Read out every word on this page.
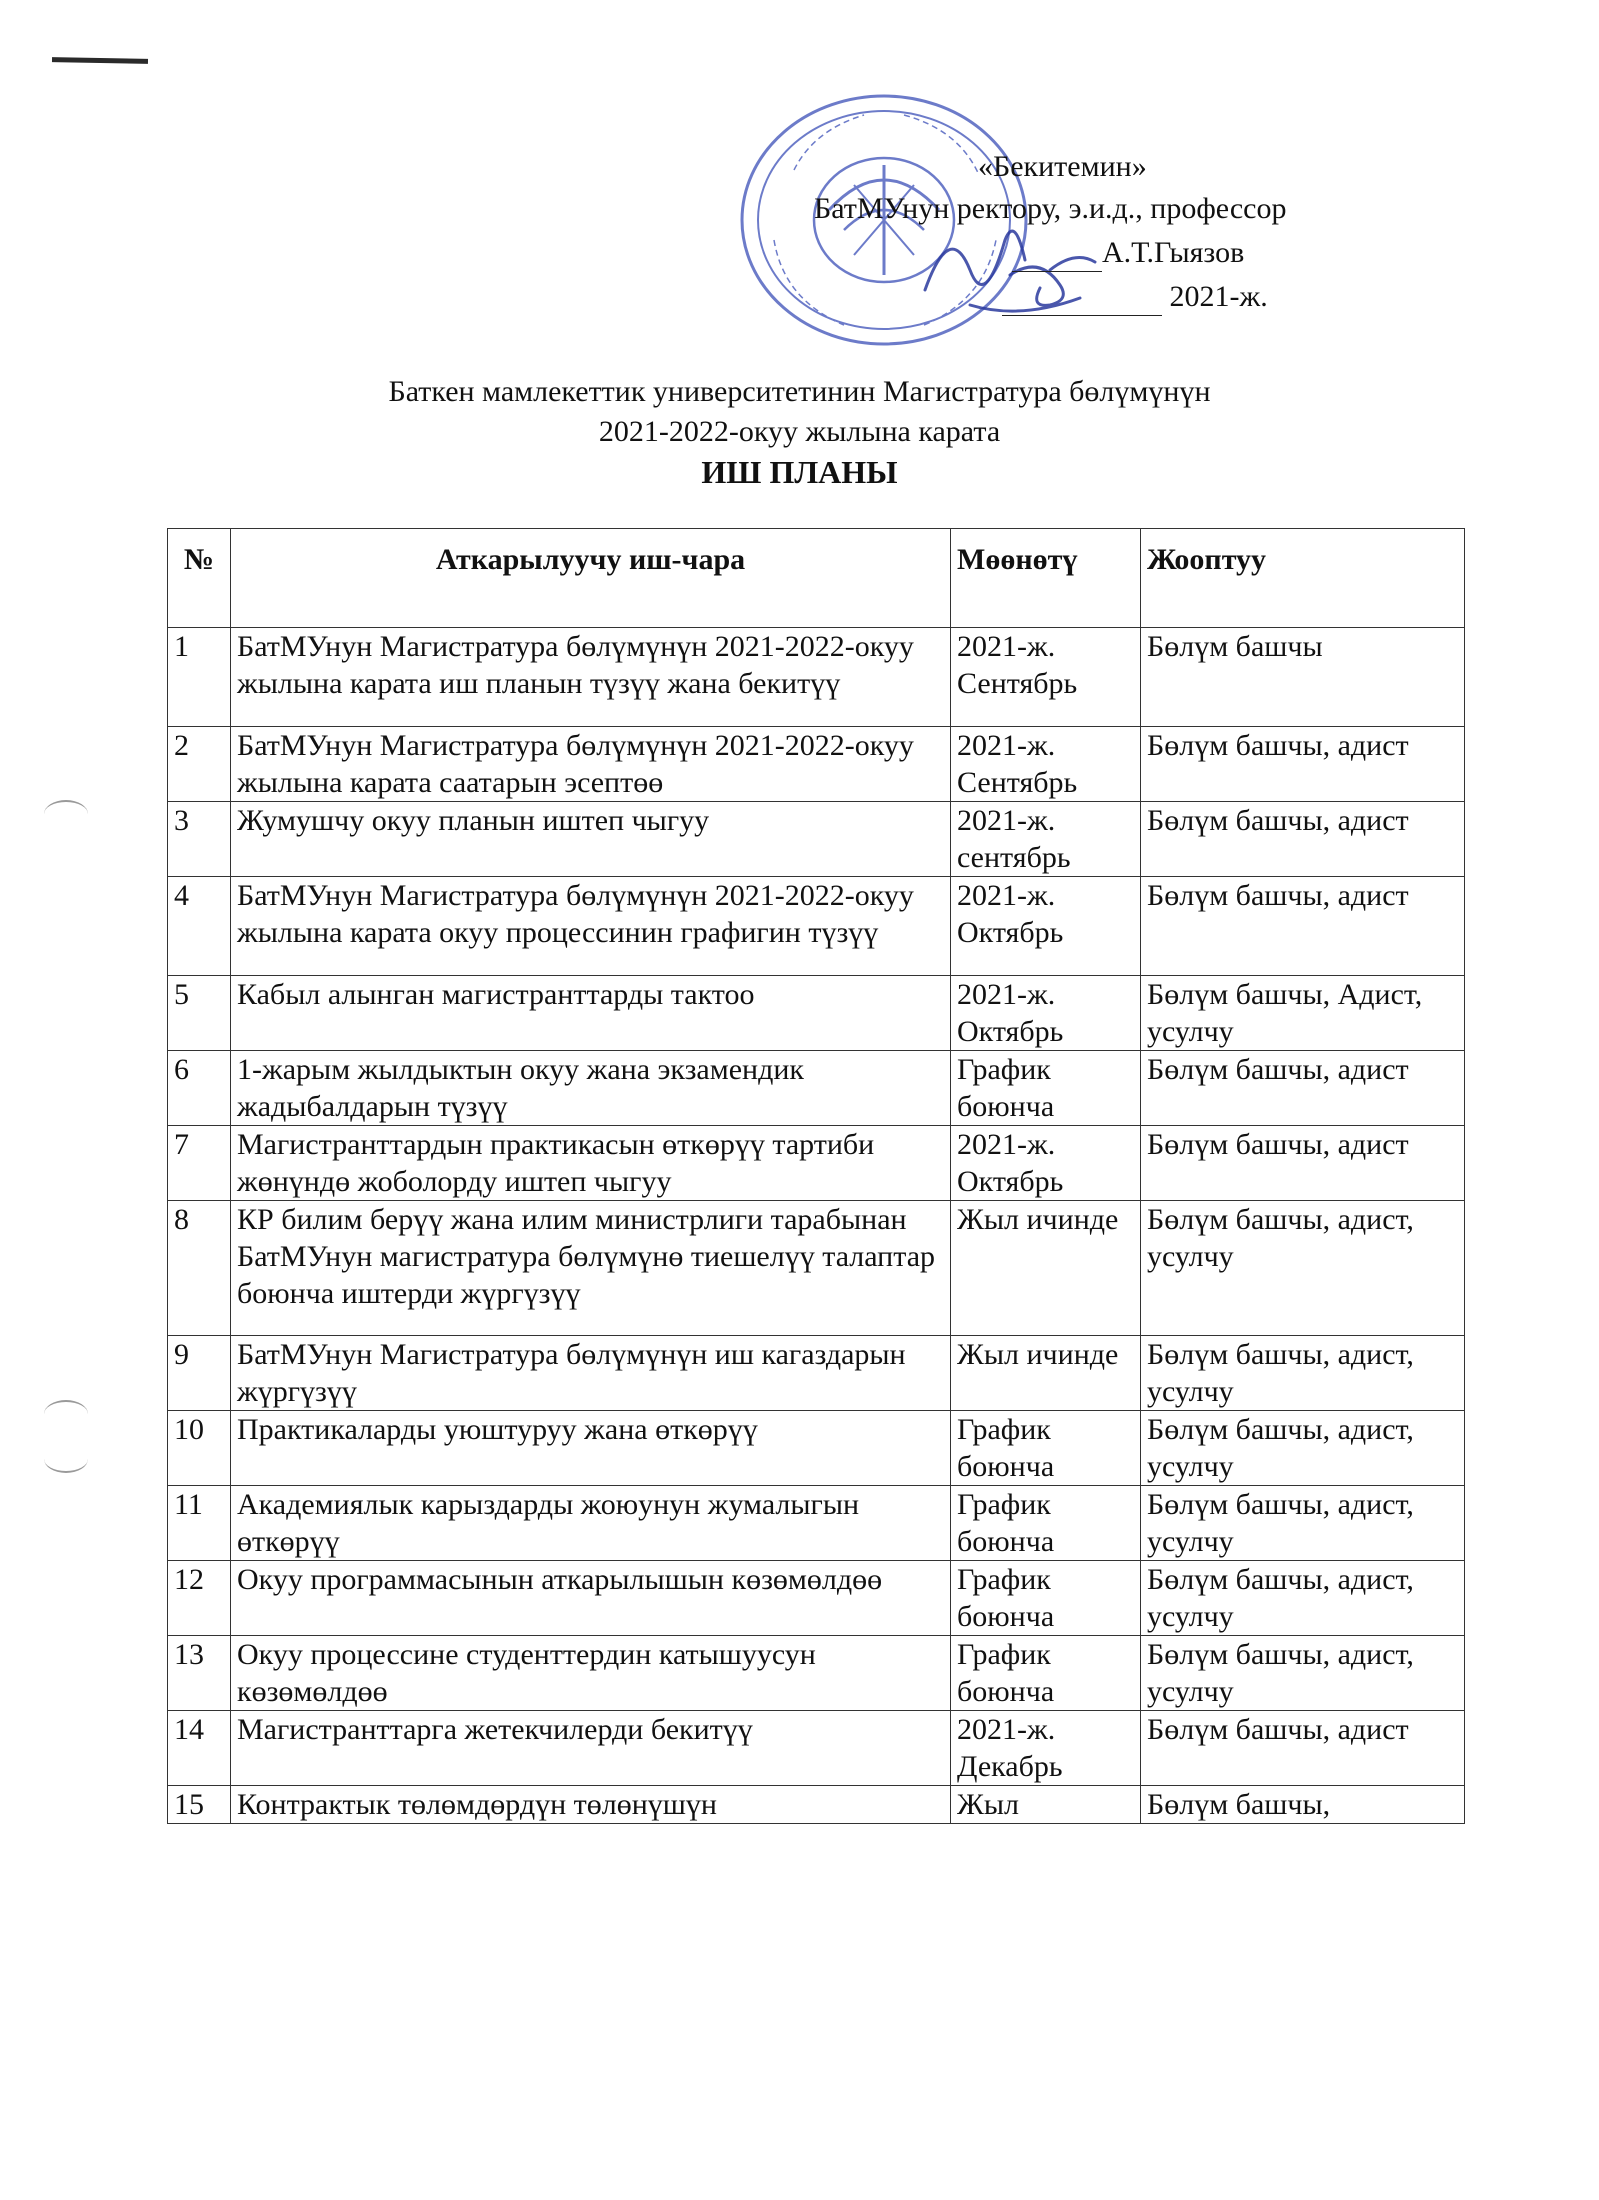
«Бекитемин»
БатМУнун ректору, э.и.д., профессор
А.Т.Гыязов
2021-ж.
Баткен мамлекеттик университетинин Магистратура бөлүмүнүн
2021-2022-окуу жылына карата
ИШ ПЛАНЫ
№	Аткарылуучу иш-чара	Мөөнөтү	Жооптуу
1	БатМУнун Магистратура бөлүмүнүн 2021-2022-окуу жылына карата иш планын түзүү жана бекитүү	2021-ж. Сентябрь	Бөлүм башчы
2	БатМУнун Магистратура бөлүмүнүн 2021-2022-окуу жылына карата саатарын эсептөө	2021-ж. Сентябрь	Бөлүм башчы, адист
3	Жумушчу окуу планын иштеп чыгуу	2021-ж. сентябрь	Бөлүм башчы, адист
4	БатМУнун Магистратура бөлүмүнүн 2021-2022-окуу жылына карата окуу процессинин графигин түзүү	2021-ж. Октябрь	Бөлүм башчы, адист
5	Кабыл алынган магистранттарды тактоо	2021-ж. Октябрь	Бөлүм башчы, Адист, усулчу
6	1-жарым жылдыктын окуу жана экзамендик жадыбалдарын түзүү	График боюнча	Бөлүм башчы, адист
7	Магистранттардын практикасын өткөрүү тартиби жөнүндө жоболорду иштеп чыгуу	2021-ж. Октябрь	Бөлүм башчы, адист
8	КР билим берүү жана илим министрлиги тарабынан БатМУнун магистратура бөлүмүнө тиешелүү талаптар боюнча иштерди жүргүзүү	Жыл ичинде	Бөлүм башчы, адист, усулчу
9	БатМУнун Магистратура бөлүмүнүн иш кагаздарын жүргүзүү	Жыл ичинде	Бөлүм башчы, адист, усулчу
10	Практикаларды уюштуруу жана өткөрүү	График боюнча	Бөлүм башчы, адист, усулчу
11	Академиялык карыздарды жоюунун жумалыгын өткөрүү	График боюнча	Бөлүм башчы, адист, усулчу
12	Окуу программасынын аткарылышын көзөмөлдөө	График боюнча	Бөлүм башчы, адист, усулчу
13	Окуу процессине студенттердин катышуусун көзөмөлдөө	График боюнча	Бөлүм башчы, адист, усулчу
14	Магистранттарга жетекчилерди бекитүү	2021-ж. Декабрь	Бөлүм башчы, адист
15	Контрактык төлөмдөрдүн төлөнүшүн	Жыл	Бөлүм башчы,
